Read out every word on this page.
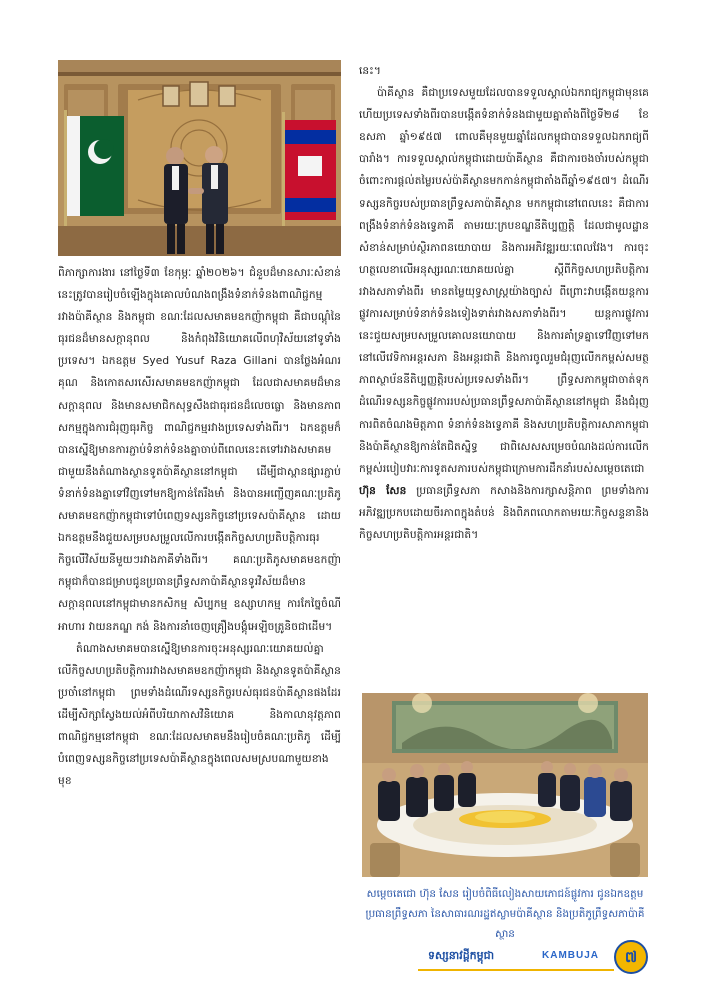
ពិភាក្សាការងារ នៅថ្ងៃទី៣ ខែកុម្ភៈ ឆ្នាំ២០២៦។ ជំនួបដ៏មានសារៈសំខាន់នេះត្រូវបានរៀបចំឡើងក្នុងគោលបំណងពង្រឹងទំនាក់ទំនងពាណិជ្ជកម្មរវាងប៉ាគីស្ថាន និងកម្ពុជា ខណៈដែលសមាគមឧកញ៉ាកម្ពុជា គឺជាបណ្ដុំនៃធុរជនដ៏មានសក្ដានុពល និងកំពុងវិនិយោគលើពហុវិស័យនៅទូទាំងប្រទេស។ ឯកឧត្ដម Syed Yusuf Raza Gillani បានថ្លែងអំណរគុណ និងកោតសរសើរសមាគមឧកញ៉ាកម្ពុជា ដែលជាសមាគមដ៏មានសក្ដានុពល និងមានសមាជិកសុទ្ធសឹងជាធុរជនដ៏លេចធ្លោ និងមានភាពសកម្មក្នុងការជំរុញធុរកិច្ច ពាណិជ្ជកម្មរវាងប្រទេសទាំងពីរ។ ឯកឧត្ដមក៏បានស្នើឱ្យមានការភ្ជាប់ទំនាក់ទំនងគ្នាចាប់ពីពេលនេះតទៅរវាងសមាគមជាមួយនឹងតំណាងស្ថានទូតប៉ាគីស្ថាននៅកម្ពុជា ដើម្បីជាស្ពានផ្សារភ្ជាប់ទំនាក់ទំនងគ្នាទៅវិញទៅមកឱ្យកាន់តែរឹងមាំ និងបានអញ្ជើញគណៈប្រតិភូសមាគមឧកញ៉ាកម្ពុជាទៅបំពេញទស្សនកិច្ចនៅប្រទេសប៉ាគីស្ថាន ដោយឯកឧត្ដមនឹងជួយសម្របសម្រួលលើការបង្កើតកិច្ចសហប្រតិបត្តិការធុរកិច្ចលើវិស័យនីមួយៗរវាងភាគីទាំងពីរ។ គណៈប្រតិភូសមាគមឧកញ៉ាកម្ពុជាក៏បានជម្រាបជូនប្រធានព្រឹទ្ធសភាប៉ាគីស្ថានទូរវិស័យដ៏មានសក្ដានុពលនៅកម្ពុជាមានកសិកម្ម សិប្បកម្ម ឧស្សាហកម្ម ការកែច្នៃចំណីអាហារ វាយនភណ្ឌ កង់ និងការនាំចេញគ្រឿងបង្គុំអេឡិចត្រូនិចជាដើម។

តំណាងសមាគមបានស្នើឱ្យមានការចុះអនុស្សរណៈយោគយល់គ្នាលើកិច្ចសហប្រតិបត្តិការរវាងសមាគមឧកញ៉ាកម្ពុជា និងស្ថានទូតប៉ាគីស្ថានប្រចាំនៅកម្ពុជា ព្រមទាំងដំណើរទស្សនកិច្ចរបស់ធុរជនប៉ាគីស្ថានផងដែរ ដើម្បីសិក្សាស្វែងយល់អំពីបរិយាកាសវិនិយោគ និងកាលានុវត្តភាពពាណិជ្ជកម្មនៅកម្ពុជា ខណៈដែលសមាគមនឹងរៀបចំគណៈប្រតិភូ ដើម្បីបំពេញទស្សនកិច្ចនៅប្រទេសប៉ាគីស្ថានក្នុងពេលសមស្របណាមួយខាងមុខ

នេះ។

ប៉ាគីស្ថាន គឺជាប្រទេសមួយដែលបានទទួលស្គាល់ឯករាជ្យកម្ពុជាមុនគេ ហើយប្រទេសទាំងពីរបានបង្កើតទំនាក់ទំនងជាមួយគ្នាតាំងពីថ្ងៃទី២៨ ខែឧសភា ឆ្នាំ១៩៥៧ ពោលគឺមុនមួយឆ្នាំដែលកម្ពុជាបានទទួលឯករាជ្យពីបារាំង។ ការទទួលស្គាល់កម្ពុជាដោយប៉ាគីស្ថាន គឺជាការចងចាំរបស់កម្ពុជា ចំពោះការផ្ដល់តម្លៃរបស់ប៉ាគីស្ថានមកកាន់កម្ពុជាតាំងពីឆ្នាំ១៩៥៧។ ដំណើរទស្សនកិច្ចរបស់ប្រធានព្រឹទ្ធសភាប៉ាគីស្ថាន មកកម្ពុជានៅពេលនេះ គឺជាការពង្រឹងទំនាក់ទំនងទ្វេភាគី តាមរយៈក្របខណ្ឌនីតិប្បញ្ញត្តិ ដែលជាមូលដ្ឋានសំខាន់សម្រាប់ស្ថិរភាពនយោបាយ និងការអភិវឌ្ឍរយៈពេលវែង។ ការចុះហត្ថលេខាលើអនុស្សរណៈយោគយល់គ្នា ស្ដីពីកិច្ចសហប្រតិបត្តិការរវាងសភាទាំងពីរ មានតម្លៃយុទ្ធសាស្ត្រយ៉ាងច្បាស់ ពីព្រោះវាបង្កើតយន្តការផ្លូវការសម្រាប់ទំនាក់ទំនងទៀងទាត់រវាងសភាទាំងពីរ។ យន្តការផ្លូវការនេះជួយសម្របសម្រួលគោលនយោបាយ និងការគាំទ្រគ្នាទៅវិញទៅមកនៅលើវេទិកាអន្តរសភា និងអន្តរជាតិ និងការចូលរួមជំរុញលើកកម្ពស់សមត្ថភាពស្ថាប័ននីតិប្បញ្ញត្តិរបស់ប្រទេសទាំងពីរ។ ព្រឹទ្ធសភាកម្ពុជាចាត់ទុកដំណើរទស្សនកិច្ចផ្លូវការរបស់ប្រធានព្រឹទ្ធសភាប៉ាគីស្ថាននៅកម្ពុជា នឹងជំរុញការពិតចំណងមិត្តភាព ទំនាក់ទំនងទ្វេភាគី និងសហប្រតិបត្តិការសាភាកម្ពុជា និងប៉ាគីស្ថានឱ្យកាន់តែជិតស្និទ្ធ ជាពិសេសសម្រេចបំណងដល់ការលើកកម្ពស់របៀបវារៈការទូតសភារបស់កម្ពុជាក្រោមការដឹកនាំរបស់សម្ដេចតេជោ ហ៊ុន សែន ប្រធានព្រឹទ្ធសភា កសាងនិងការក្សាសន្តិភាព ព្រមទាំងការអភិវឌ្ឍប្រកបដោយចីរភាពក្នុងតំបន់ និងពិភពលោកតាមរយៈកិច្ចសន្ទនានិងកិច្ចសហប្រតិបត្តិការអន្តរជាតិ។

សម្ដេចតេជោ ហ៊ុន សែន រៀបចំពិធីលៀងសាយភោជន៍ផ្លូវការ ជូនឯកឧត្ដម ប្រធានព្រឹទ្ធសភា នៃសាធារណរដ្ឋឥស្លាមប៉ាគីស្ថាន និងប្រតិភូព្រឹទ្ធសភាប៉ាគីស្ថាន

ទស្សនាវដ្ដីកម្ពុជា	KAMBUJA	៧
